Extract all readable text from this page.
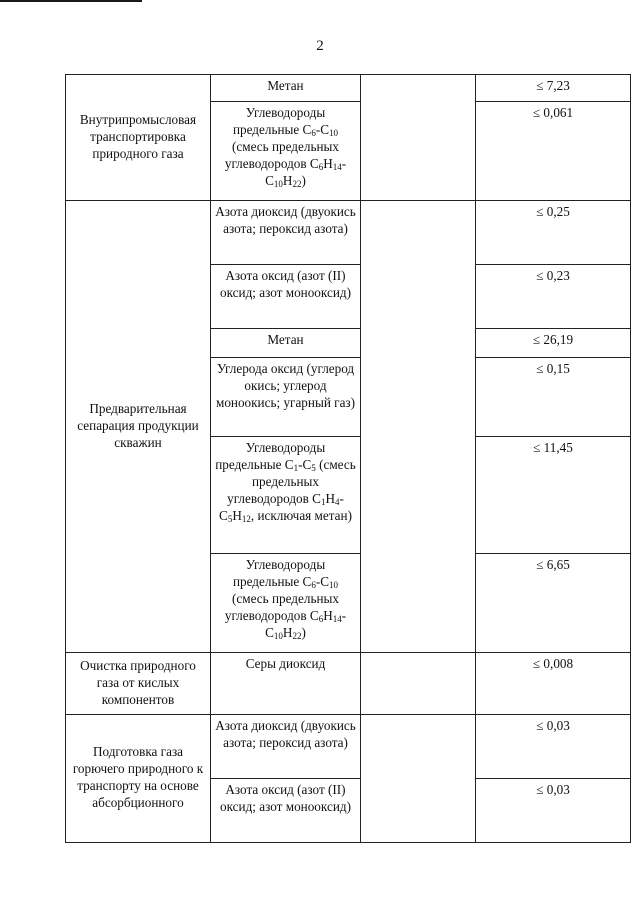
2
Внутрипромысловая транспортировка природного газа	Метан		≤ 7,23
	Углеводороды предельные $C_6-C_{10}$ (смесь предельных углеводородов $C_6H_{14}-C_{10}H_{22}$)		≤ 0,061
Предварительная сепарация продукции скважин	Азота диоксид (двуокись азота; пероксид азота)		≤ 0,25
	Азота оксид (азот (II) оксид; азот монооксид)		≤ 0,23
	Метан		≤ 26,19
	Углерода оксид (углерод окись; углерод моноокись; угарный газ)		≤ 0,15
	Углеводороды предельные $C_1-C_5$ (смесь предельных углеводородов $C_1H_4-C_5H_{12}$, исключая метан)		≤ 11,45
	Углеводороды предельные $C_6-C_{10}$ (смесь предельных углеводородов $C_6H_{14}-C_{10}H_{22}$)		≤ 6,65
Очистка природного газа от кислых компонентов	Серы диоксид		≤ 0,008
Подготовка газа горючего природного к транспорту на основе абсорбционного	Азота диоксид (двуокись азота; пероксид азота)		≤ 0,03
	Азота оксид (азот (II) оксид; азот монооксид)		≤ 0,03
